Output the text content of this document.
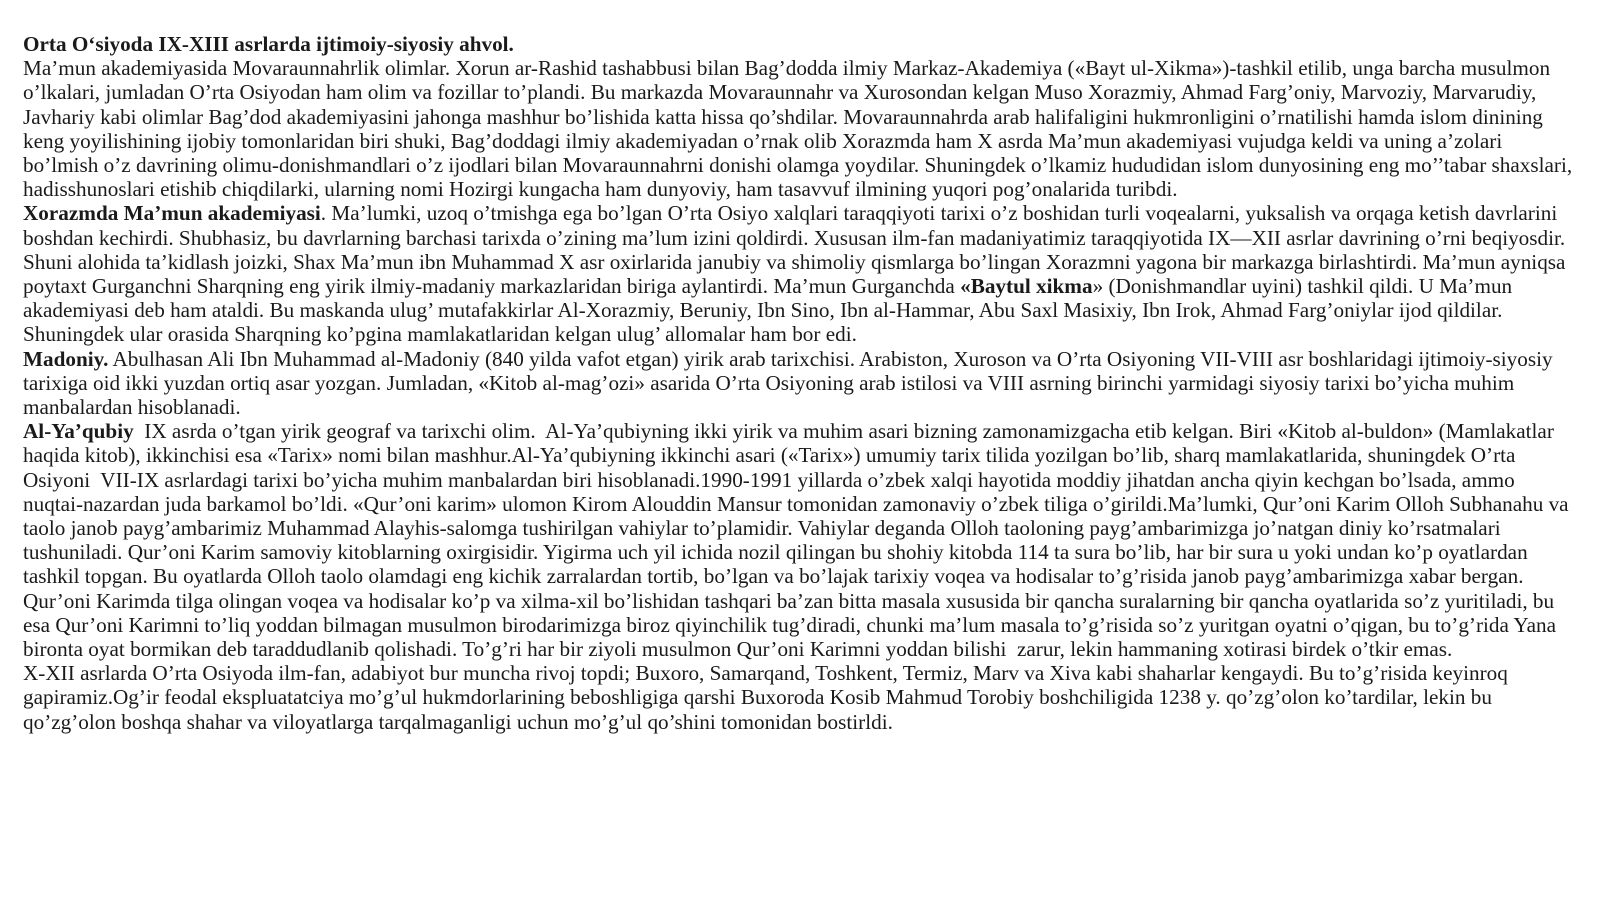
Orta O‘siyoda IX-XIII asrlarda ijtimoiy-siyosiy ahvol.

Ma’mun akademiyasida Movaraunnahrlik olimlar. Xorun ar-Rashid tashabbusi bilan Bag’dodda ilmiy Markaz-Akademiya («Bayt ul-Xikma»)-tashkil etilib, unga barcha musulmon o’lkalari, jumladan O’rta Osiyodan ham olim va fozillar to’plandi. Bu markazda Movaraunnahr va Xurosondan kelgan Muso Xorazmiy, Ahmad Farg’oniy, Marvoziy, Marvarudiy, Javhariy kabi olimlar Bag’dod akademiyasini jahonga mashhur bo’lishida katta hissa qo’shdilar. Movaraunnahrda arab halifaligini hukmronligini o’rnatilishi hamda islom dinining keng yoyilishining ijobiy tomonlaridan biri shuki, Bag’doddagi ilmiy akademiyadan o’rnak olib Xorazmda ham X asrda Ma’mun akademiyasi vujudga keldi va uning a’zolari bo’lmish o’z davrining olimu-donishmandlari o’z ijodlari bilan Movaraunnahrni donishi olamga yoydilar. Shuningdek o’lkamiz hududidan islom dunyosining eng mo’’tabar shaxslari, hadisshunoslari etishib chiqdilarki, ularning nomi Hozirgi kungacha ham dunyoviy, ham tasavvuf ilmining yuqori pog’onalarida turibdi.

Xorazmda Ma’mun akademiyasi. Ma’lumki, uzoq o’tmishga ega bo’lgan O’rta Osiyo xalqlari taraqqiyoti tarixi o’z boshidan turli voqealarni, yuksalish va orqaga ketish davrlarini boshdan kechirdi. Shubhasiz, bu davrlarning barchasi tarixda o’zining ma’lum izini qoldirdi. Xususan ilm-fan madaniyatimiz taraqqiyotida IX—XII asrlar davrining o’rni beqiyosdir. Shuni alohida ta’kidlash joizki, Shax Ma’mun ibn Muhammad X asr oxirlarida janubiy va shimoliy qismlarga bo’lingan Xorazmni yagona bir markazga birlashtirdi. Ma’mun ayniqsa poytaxt Gurganchni Sharqning eng yirik ilmiy-madaniy markazlaridan biriga aylantirdi. Ma’mun Gurganchda «Baytul xikma» (Donishmandlar uyini) tashkil qildi. U Ma’mun akademiyasi deb ham ataldi. Bu maskanda ulug’ mutafakkirlar Al-Xorazmiy, Beruniy, Ibn Sino, Ibn al-Hammar, Abu Saxl Masixiy, Ibn Irok, Ahmad Farg’oniylar ijod qildilar. Shuningdek ular orasida Sharqning ko’pgina mamlakatlaridan kelgan ulug’ allomalar ham bor edi.

Madoniy. Abulhasan Ali Ibn Muhammad al-Madoniy (840 yilda vafot etgan) yirik arab tarixchisi. Arabiston, Xuroson va O’rta Osiyoning VII-VIII asr boshlaridagi ijtimoiy-siyosiy tarixiga oid ikki yuzdan ortiq asar yozgan. Jumladan, «Kitob al-mag’ozi» asarida O’rta Osiyoning arab istilosi va VIII asrning birinchi yarmidagi siyosiy tarixi bo’yicha muhim manbalardan hisoblanadi.

Al-Ya’qubiy  IX asrda o’tgan yirik geograf va tarixchi olim.  Al-Ya’qubiyning ikki yirik va muhim asari bizning zamonamizgacha etib kelgan. Biri «Kitob al-buldon» (Mamlakatlar haqida kitob), ikkinchisi esa «Tarix» nomi bilan mashhur.Al-Ya’qubiyning ikkinchi asari («Tarix») umumiy tarix tilida yozilgan bo’lib, sharq mamlakatlarida, shuningdek O’rta Osiyoni  VII-IX asrlardagi tarixi bo’yicha muhim manbalardan biri hisoblanadi.1990-1991 yillarda o’zbek xalqi hayotida moddiy jihatdan ancha qiyin kechgan bo’lsada, ammo nuqtai-nazardan juda barkamol bo’ldi. «Qur’oni karim» ulomon Kirom Alouddin Mansur tomonidan zamonaviy o’zbek tiliga o’girildi.Ma’lumki, Qur’oni Karim Olloh Subhanahu va taolo janob payg’ambarimiz Muhammad Alayhis-salomga tushirilgan vahiylar to’plamidir. Vahiylar deganda Olloh taoloning payg’ambarimizga jo’natgan diniy ko’rsatmalari tushuniladi. Qur’oni Karim samoviy kitoblarning oxirgisidir. Yigirma uch yil ichida nozil qilingan bu shohiy kitobda 114 ta sura bo’lib, har bir sura u yoki undan ko’p oyatlardan tashkil topgan. Bu oyatlarda Olloh taolo olamdagi eng kichik zarralardan tortib, bo’lgan va bo’lajak tarixiy voqea va hodisalar to’g’risida janob payg’ambarimizga xabar bergan. Qur’oni Karimda tilga olingan voqea va hodisalar ko’p va xilma-xil bo’lishidan tashqari ba’zan bitta masala xususida bir qancha suralarning bir qancha oyatlarida so’z yuritiladi, bu esa Qur’oni Karimni to’liq yoddan bilmagan musulmon birodarimizga biroz qiyinchilik tug’diradi, chunki ma’lum masala to’g’risida so’z yuritgan oyatni o’qigan, bu to’g’rida Yana bironta oyat bormikan deb taraddudlanib qolishadi. To’g’ri har bir ziyoli musulmon Qur’oni Karimni yoddan bilishi  zarur, lekin hammaning xotirasi birdek o’tkir emas.

X-XII asrlarda O’rta Osiyoda ilm-fan, adabiyot bur muncha rivoj topdi; Buxoro, Samarqand, Toshkent, Termiz, Marv va Xiva kabi shaharlar kengaydi. Bu to’g’risida keyinroq gapiramiz.Og’ir feodal ekspluatatciya mo’g’ul hukmdorlarining beboshligiga qarshi Buxoroda Kosib Mahmud Torobiy boshchiligida 1238 y. qo’zg’olon ko’tardilar, lekin bu qo’zg’olon boshqa shahar va viloyatlarga tarqalmaganligi uchun mo’g’ul qo’shini tomonidan bostirldi.
